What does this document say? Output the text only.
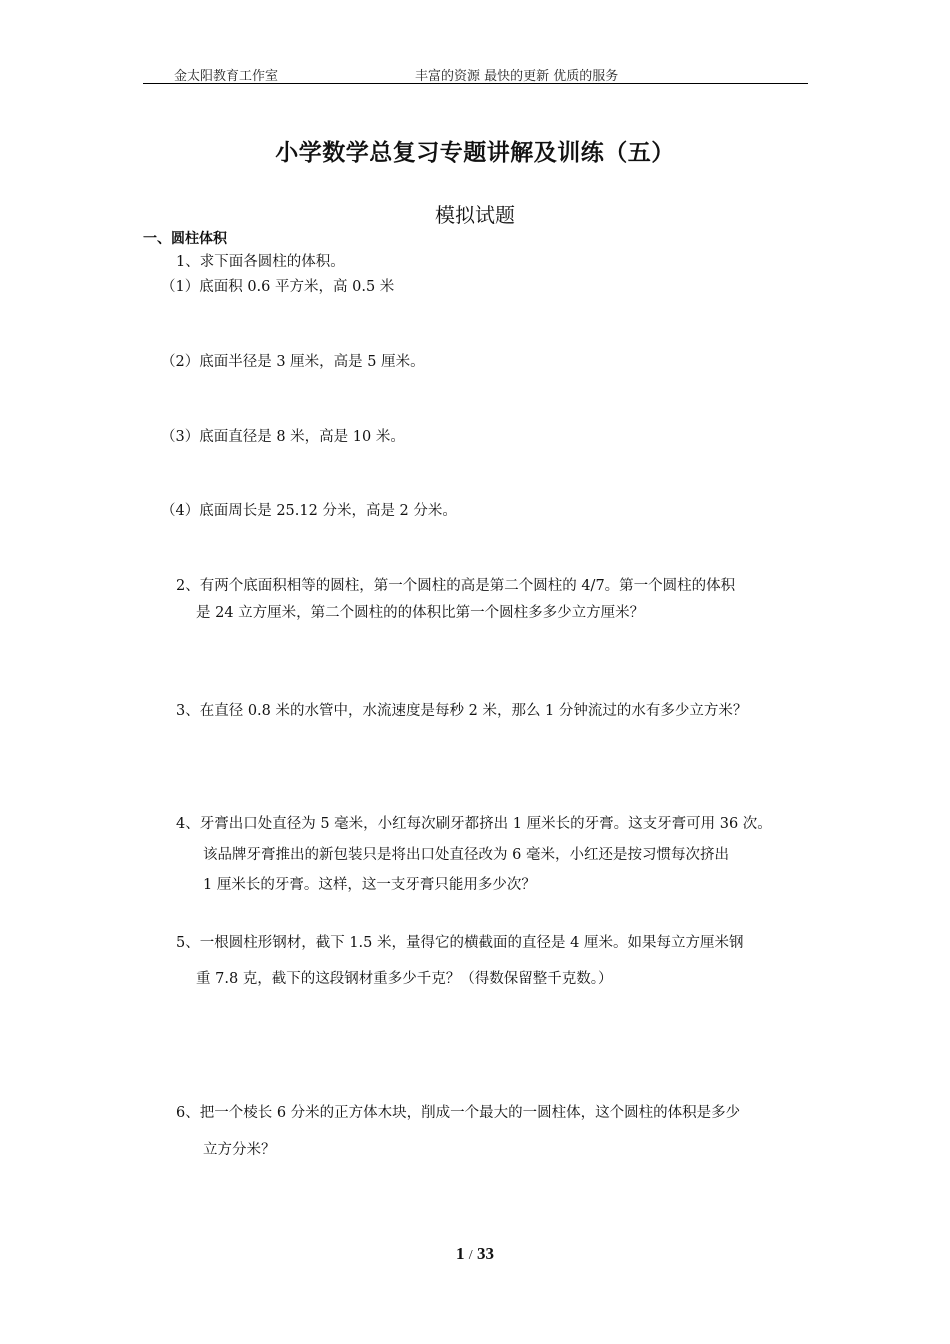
金太阳教育工作室	丰富的资源 最快的更新 优质的服务
小学数学总复习专题讲解及训练（五）
模拟试题
一、圆柱体积
1、求下面各圆柱的体积。
（1）底面积 0.6 平方米，高 0.5 米
（2）底面半径是 3 厘米，高是 5 厘米。
（3）底面直径是 8 米，高是 10 米。
（4）底面周长是 25.12 分米，高是 2 分米。
2、有两个底面积相等的圆柱，第一个圆柱的高是第二个圆柱的 4/7。第一个圆柱的体积
是 24 立方厘米，第二个圆柱的的体积比第一个圆柱多多少立方厘米？
3、在直径 0.8 米的水管中，水流速度是每秒 2 米，那么 1 分钟流过的水有多少立方米？
4、牙膏出口处直径为 5 毫米，小红每次刷牙都挤出 1 厘米长的牙膏。这支牙膏可用 36 次。
该品牌牙膏推出的新包装只是将出口处直径改为 6 毫米，小红还是按习惯每次挤出
1 厘米长的牙膏。这样，这一支牙膏只能用多少次？
5、一根圆柱形钢材，截下 1.5 米，量得它的横截面的直径是 4 厘米。如果每立方厘米钢
重 7.8 克，截下的这段钢材重多少千克？（得数保留整千克数。）
6、把一个棱长 6 分米的正方体木块，削成一个最大的一圆柱体，这个圆柱的体积是多少
立方分米？
1 / 33
